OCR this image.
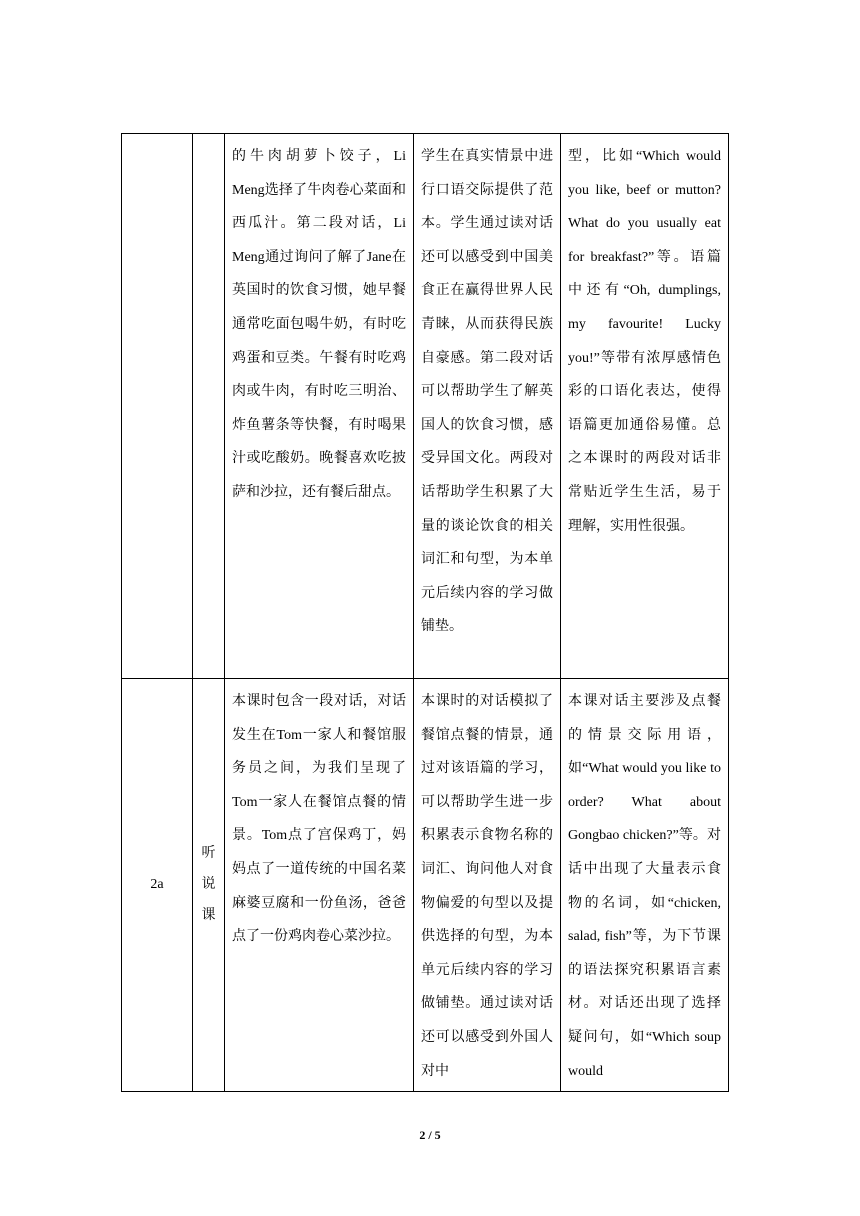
		的牛肉胡萝卜饺子，Li Meng选择了牛肉卷心菜面和西瓜汁。第二段对话，Li Meng通过询问了解了Jane在英国时的饮食习惯，她早餐通常吃面包喝牛奶，有时吃鸡蛋和豆类。午餐有时吃鸡肉或牛肉，有时吃三明治、炸鱼薯条等快餐，有时喝果汁或吃酸奶。晚餐喜欢吃披萨和沙拉，还有餐后甜点。	学生在真实情景中进行口语交际提供了范本。学生通过读对话还可以感受到中国美食正在赢得世界人民青睐，从而获得民族自豪感。第二段对话可以帮助学生了解英国人的饮食习惯，感受异国文化。两段对话帮助学生积累了大量的谈论饮食的相关词汇和句型，为本单元后续内容的学习做铺垫。	型，比如“Which would you like, beef or mutton? What do you usually eat for breakfast?”等。语篇中还有“Oh, dumplings, my favourite! Lucky you!”等带有浓厚感情色彩的口语化表达，使得语篇更加通俗易懂。总之本课时的两段对话非常贴近学生生活，易于理解，实用性很强。
2a	听说课	本课时包含一段对话，对话发生在Tom一家人和餐馆服务员之间，为我们呈现了Tom一家人在餐馆点餐的情景。Tom点了宫保鸡丁，妈妈点了一道传统的中国名菜麻婆豆腐和一份鱼汤，爸爸点了一份鸡肉卷心菜沙拉。	本课时的对话模拟了餐馆点餐的情景，通过对该语篇的学习，可以帮助学生进一步积累表示食物名称的词汇、询问他人对食物偏爱的句型以及提供选择的句型，为本单元后续内容的学习做铺垫。通过读对话还可以感受到外国人对中	本课对话主要涉及点餐的情景交际用语，如“What would you like to order? What about Gongbao chicken?”等。对话中出现了大量表示食物的名词，如“chicken, salad, fish”等，为下节课的语法探究积累语言素材。对话还出现了选择疑问句，如“Which soup would
2 / 5
